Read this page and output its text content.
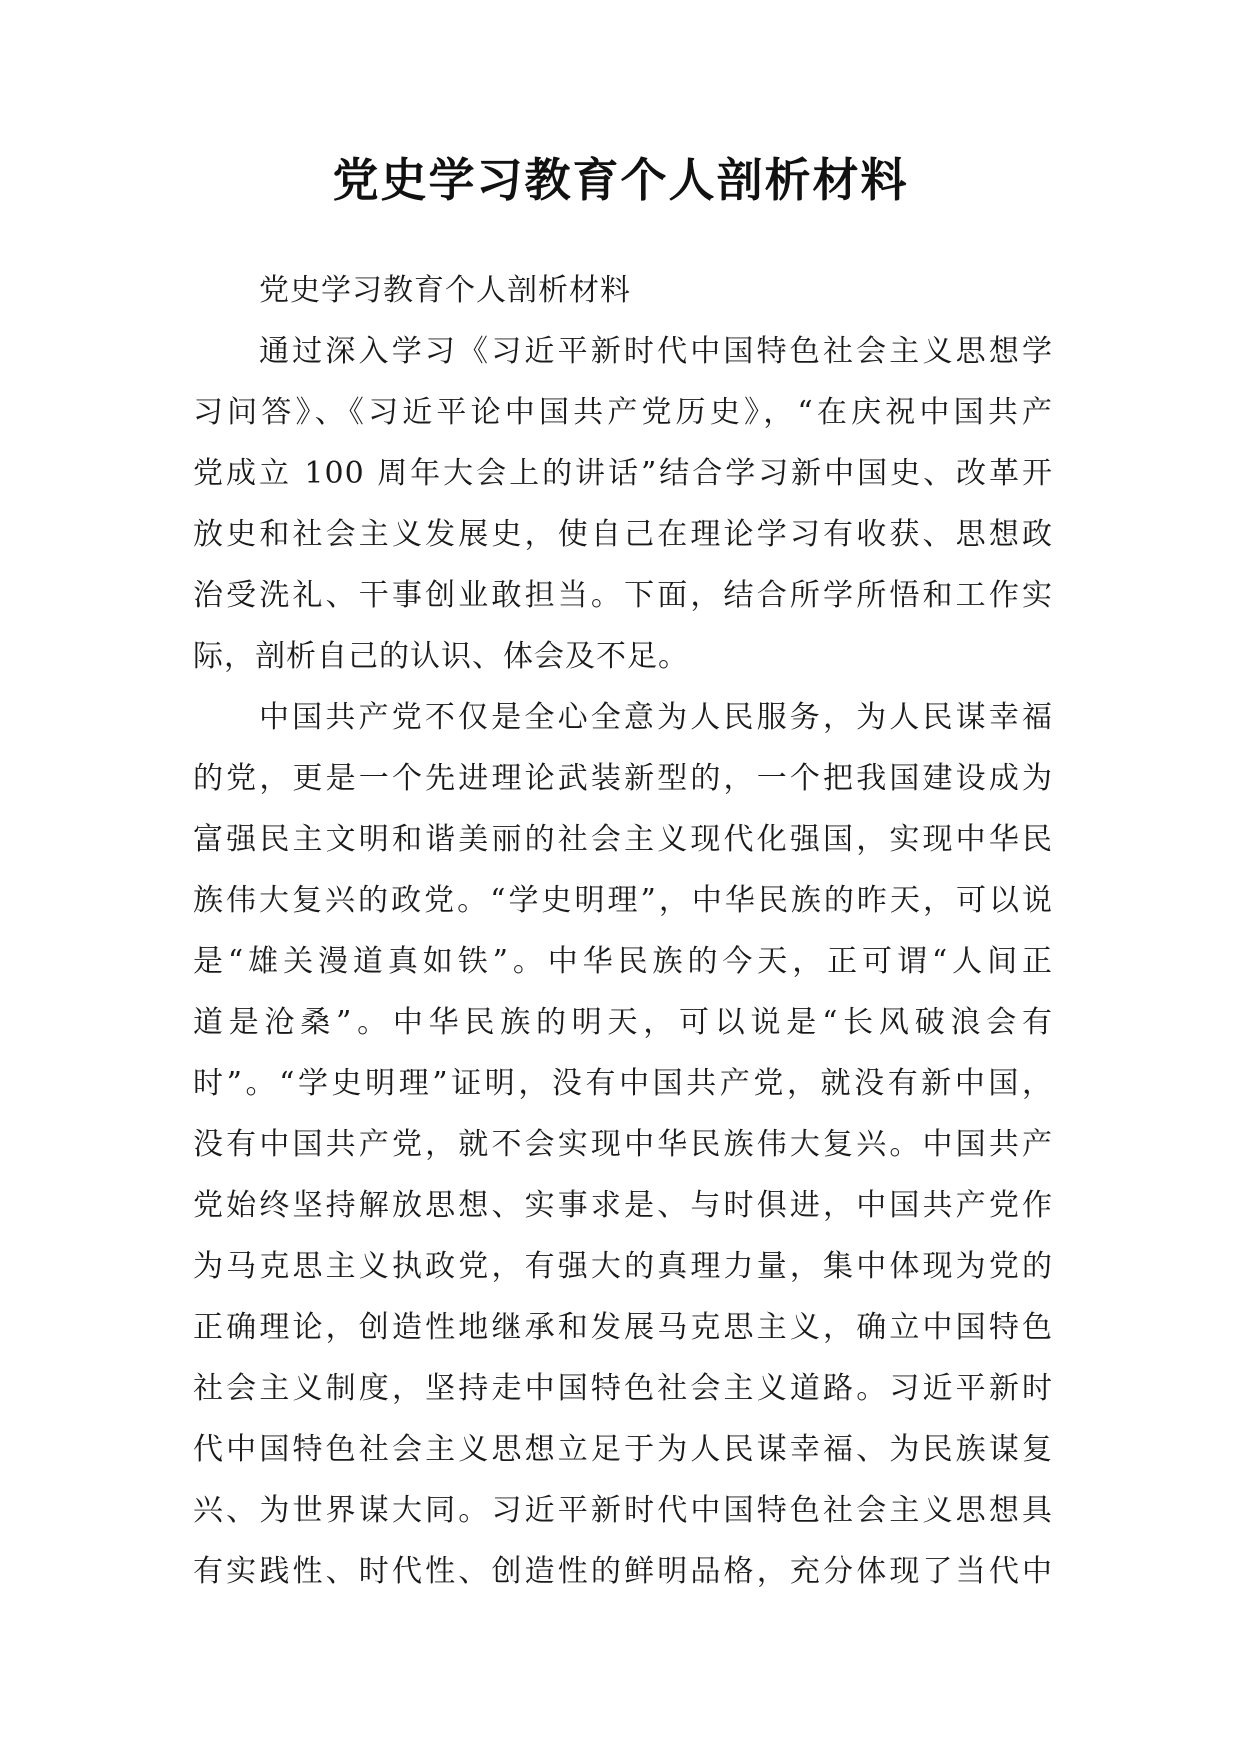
党史学习教育个人剖析材料
党史学习教育个人剖析材料
通过深入学习《习近平新时代中国特色社会主义思想学
习问答》、《习近平论中国共产党历史》，“在庆祝中国共产
党成立 100 周年大会上的讲话”结合学习新中国史、改革开
放史和社会主义发展史，使自己在理论学习有收获、思想政
治受洗礼、干事创业敢担当。下面，结合所学所悟和工作实
际，剖析自己的认识、体会及不足。
中国共产党不仅是全心全意为人民服务，为人民谋幸福
的党，更是一个先进理论武装新型的，一个把我国建设成为
富强民主文明和谐美丽的社会主义现代化强国，实现中华民
族伟大复兴的政党。“学史明理”，中华民族的昨天，可以说
是“雄关漫道真如铁”。中华民族的今天，正可谓“人间正
道是沧桑”。中华民族的明天，可以说是“长风破浪会有
时”。“学史明理”证明，没有中国共产党，就没有新中国，
没有中国共产党，就不会实现中华民族伟大复兴。中国共产
党始终坚持解放思想、实事求是、与时俱进，中国共产党作
为马克思主义执政党，有强大的真理力量，集中体现为党的
正确理论，创造性地继承和发展马克思主义，确立中国特色
社会主义制度，坚持走中国特色社会主义道路。习近平新时
代中国特色社会主义思想立足于为人民谋幸福、为民族谋复
兴、为世界谋大同。习近平新时代中国特色社会主义思想具
有实践性、时代性、创造性的鲜明品格，充分体现了当代中
